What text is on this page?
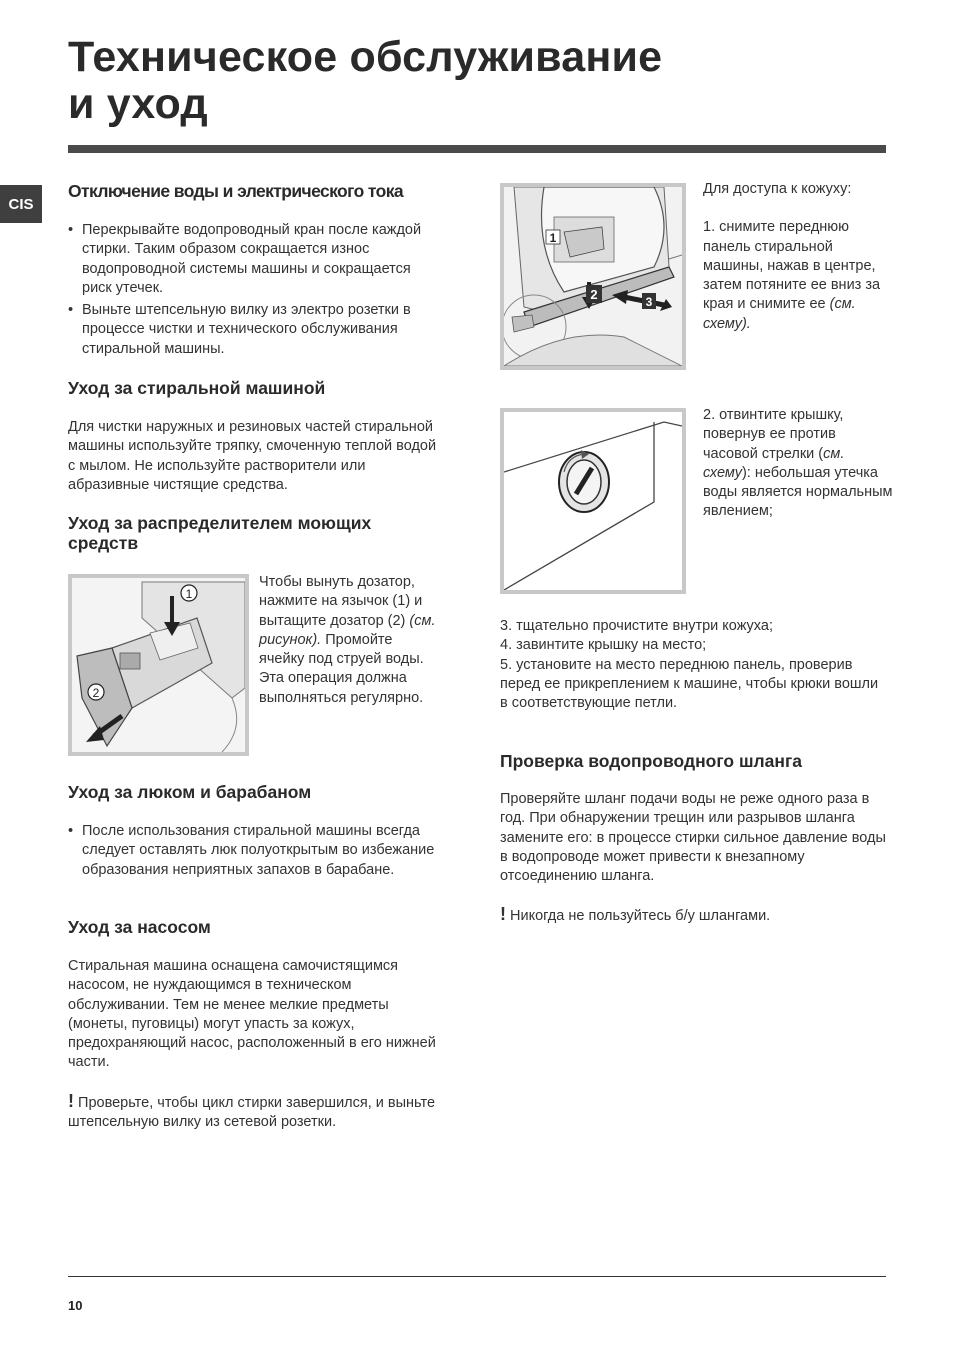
Техническое обслуживание
и уход
CIS
Отключение воды и электрического тока
• Перекрывайте водопроводный кран после каждой стирки. Таким образом сокращается износ водопроводной системы машины и сокращается риск утечек.
• Выньте штепсельную вилку из электро розетки в процессе чистки и технического обслуживания стиральной машины.
Уход за стиральной машиной

Для чистки наружных и резиновых частей стиральной машины используйте тряпку, смоченную теплой водой с мылом. Не используйте растворители или абразивные чистящие средства.

Уход за распределителем моющих средств
1
2

Чтобы вынуть дозатор, нажмите на язычок (1) и вытащите дозатор (2) (см. рисунок). Промойте ячейку под струей воды. Эта операция должна выполняться регулярно.

Уход за люком и барабаном
• После использования стиральной машины всегда следует оставлять люк полуоткрытым во избежание образования неприятных запахов в барабане.
Уход за насосом

Стиральная машина оснащена самочистящимся насосом, не нуждающимся в техническом обслуживании. Тем не менее мелкие предметы (монеты, пуговицы) могут упасть за кожух, предохраняющий насос, расположенный в его нижней части.

! Проверьте, чтобы цикл стирки завершился, и выньте штепсельную вилку из сетевой розетки.

1
2	3

Для доступа к кожуху:

1. снимите переднюю панель стиральной машины, нажав в центре, затем потяните ее вниз за края и снимите ее (см. схему).

2. отвинтите крышку, повернув ее против часовой стрелки (см. схему): небольшая утечка воды является нормальным явлением;

3. тщательно прочистите внутри кожуха;

4. завинтите крышку на место;

5. установите на место переднюю панель, проверив перед ее прикреплением к машине, чтобы крюки вошли в соответствующие петли.

Проверка водопроводного шланга

Проверяйте шланг подачи воды не реже одного раза в год. При обнаружении трещин или разрывов шланга замените его: в процессе стирки сильное давление воды в водопроводе может привести к внезапному отсоединению шланга.

! Никогда не пользуйтесь б/у шлангами.

10
